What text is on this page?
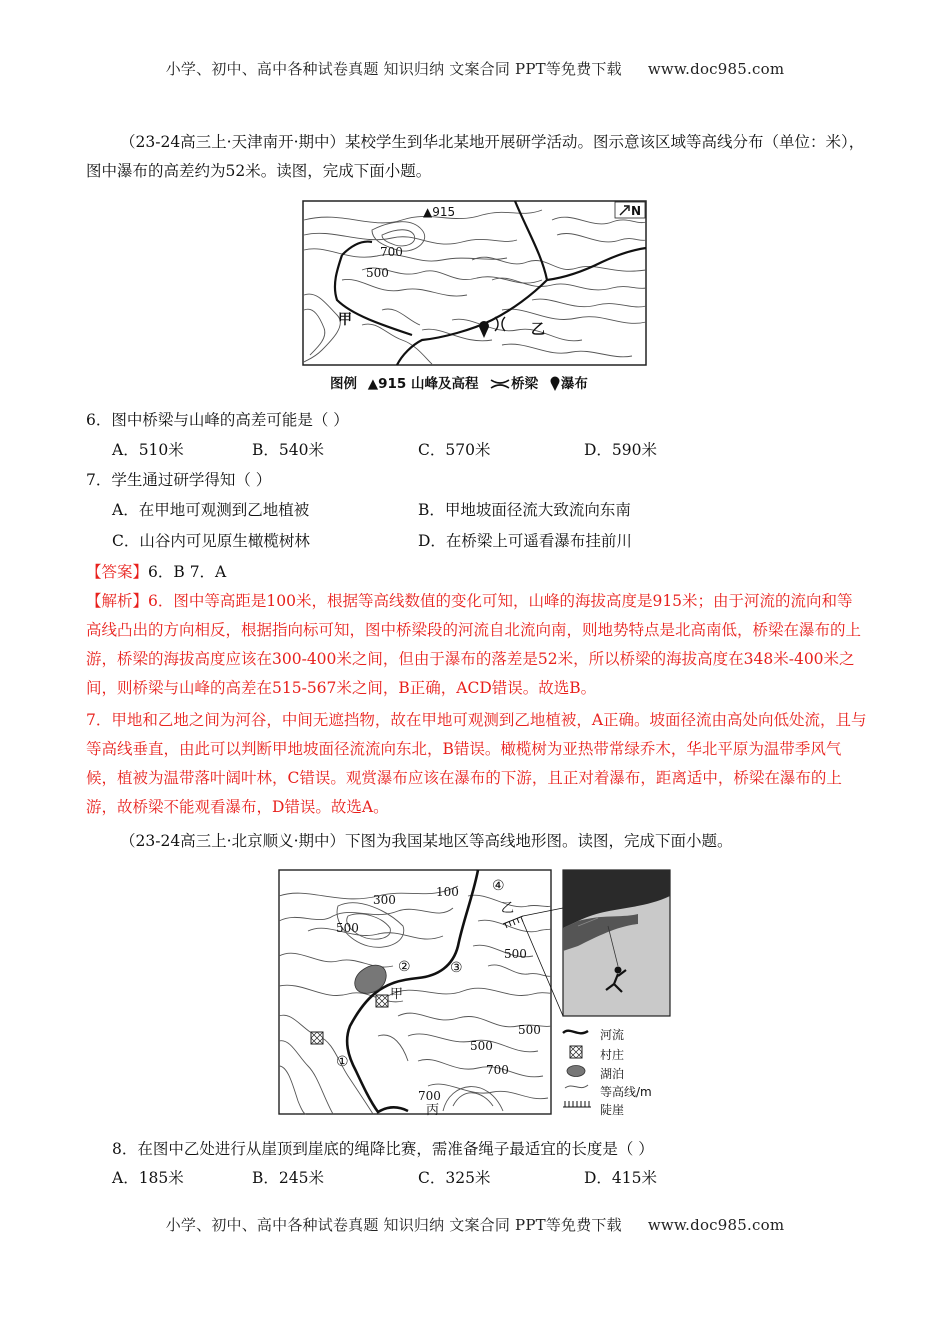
小学、初中、高中各种试卷真题 知识归纳 文案合同 PPT等免费下载 www.doc985.com
（23-24高三上·天津南开·期中）某校学生到华北某地开展研学活动。图示意该区域等高线分布（单位：米），图中瀑布的高差约为52米。读图，完成下面小题。
▲915
700
500
甲
乙
N
图例 ▲915 山峰及高程 桥梁 瀑布
6．图中桥梁与山峰的高差可能是（ ）
A．510米	B．540米	C．570米	D．590米
7．学生通过研学得知（ ）
A．在甲地可观测到乙地植被	B．甲地坡面径流大致流向东南
C．山谷内可见原生橄榄树林	D．在桥梁上可遥看瀑布挂前川
【答案】6．B 7．A
【解析】6．图中等高距是100米，根据等高线数值的变化可知，山峰的海拔高度是915米；由于河流的流向和等高线凸出的方向相反，根据指向标可知，图中桥梁段的河流自北流向南，则地势特点是北高南低，桥梁在瀑布的上游，桥梁的海拔高度应该在300-400米之间，但由于瀑布的落差是52米，所以桥梁的海拔高度在348米-400米之间，则桥梁与山峰的高差在515-567米之间，B正确，ACD错误。故选B。
7．甲地和乙地之间为河谷，中间无遮挡物，故在甲地可观测到乙地植被，A正确。坡面径流由高处向低处流，且与等高线垂直，由此可以判断甲地坡面径流流向东北，B错误。橄榄树为亚热带常绿乔木，华北平原为温带季风气候，植被为温带落叶阔叶林，C错误。观赏瀑布应该在瀑布的下游，且正对着瀑布，距离适中，桥梁在瀑布的上游，故桥梁不能观看瀑布，D错误。故选A。
（23-24高三上·北京顺义·期中）下图为我国某地区等高线地形图。读图，完成下面小题。
100
300
500
500
500
500
700
700
②	③
④
①
甲
乙
丙
河流
村庄
湖泊
等高线/m
陡崖
8．在图中乙处进行从崖顶到崖底的绳降比赛，需准备绳子最适宜的长度是（ ）
A．185米	B．245米	C．325米	D．415米
小学、初中、高中各种试卷真题 知识归纳 文案合同 PPT等免费下载 www.doc985.com
